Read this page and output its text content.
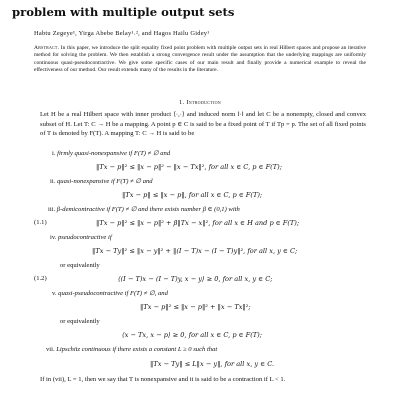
problem with multiple output sets
Habtu Zegeye¹, Yirga Abebe Belay¹˒², and Hagos Hailu Gidey¹
Abstract. In this paper, we introduce the split equality fixed point problem with multiple output sets in real Hilbert spaces and propose an iterative method for solving the problem. We then establish a strong convergence result under the assumption that the underlying mappings are uniformly continuous quasi-pseudocontractive. We give some specific cases of our main result and finally provide a numerical example to reveal the effectiveness of our method. Our result extends many of the results in the literature.
1. Introduction
Let H be a real Hilbert space with inner product ⟨·,·⟩ and induced norm ‖·‖ and let C be a nonempty, closed and convex subset of H. Let T: C → H be a mapping. A point p ∈ C is said to be a fixed point of T if Tp = p. The set of all fixed points of T is denoted by F(T). A mapping T: C → H is said to be
i. firmly quasi-nonexpansive if F(T) ≠ ∅ and
‖Tx − p‖² ≤ ‖x − p‖² − ‖x − Tx‖², for all x ∈ C, p ∈ F(T);
ii. quasi-nonexpansive if F(T) ≠ ∅ and
‖Tx − p‖ ≤ ‖x − p‖, for all x ∈ C, p ∈ F(T);
iii. β-demicontractive if F(T) ≠ ∅ and there exists number β ∈ (0,1) with
(1.1)	‖Tx − p‖² ≤ ‖x − p‖² + β‖Tx − x‖², for all x ∈ H and p ∈ F(T);
iv. pseudocontractive if
‖Tx − Ty‖² ≤ ‖x − y‖² + ‖(I − T)x − (I − T)y‖², for all x, y ∈ C;
or equivalently
(1.2)	⟨(I − T)x − (I − T)y, x − y⟩ ≥ 0, for all x, y ∈ C;
v. quasi-pseudocontractive if F(T) ≠ ∅, and
‖Tx − p‖² ≤ ‖x − p‖² + ‖x − Tx‖²;
or equivalently
⟨x − Tx, x − p⟩ ≥ 0, for all x ∈ C, p ∈ F(T);
vii. Lipschitz continuous if there exists a constant L ≥ 0 such that
‖Tx − Ty‖ ≤ L‖x − y‖, for all x, y ∈ C.
If in (vii), L = 1, then we say that T is nonexpansive and it is said to be a contraction if L < 1.
